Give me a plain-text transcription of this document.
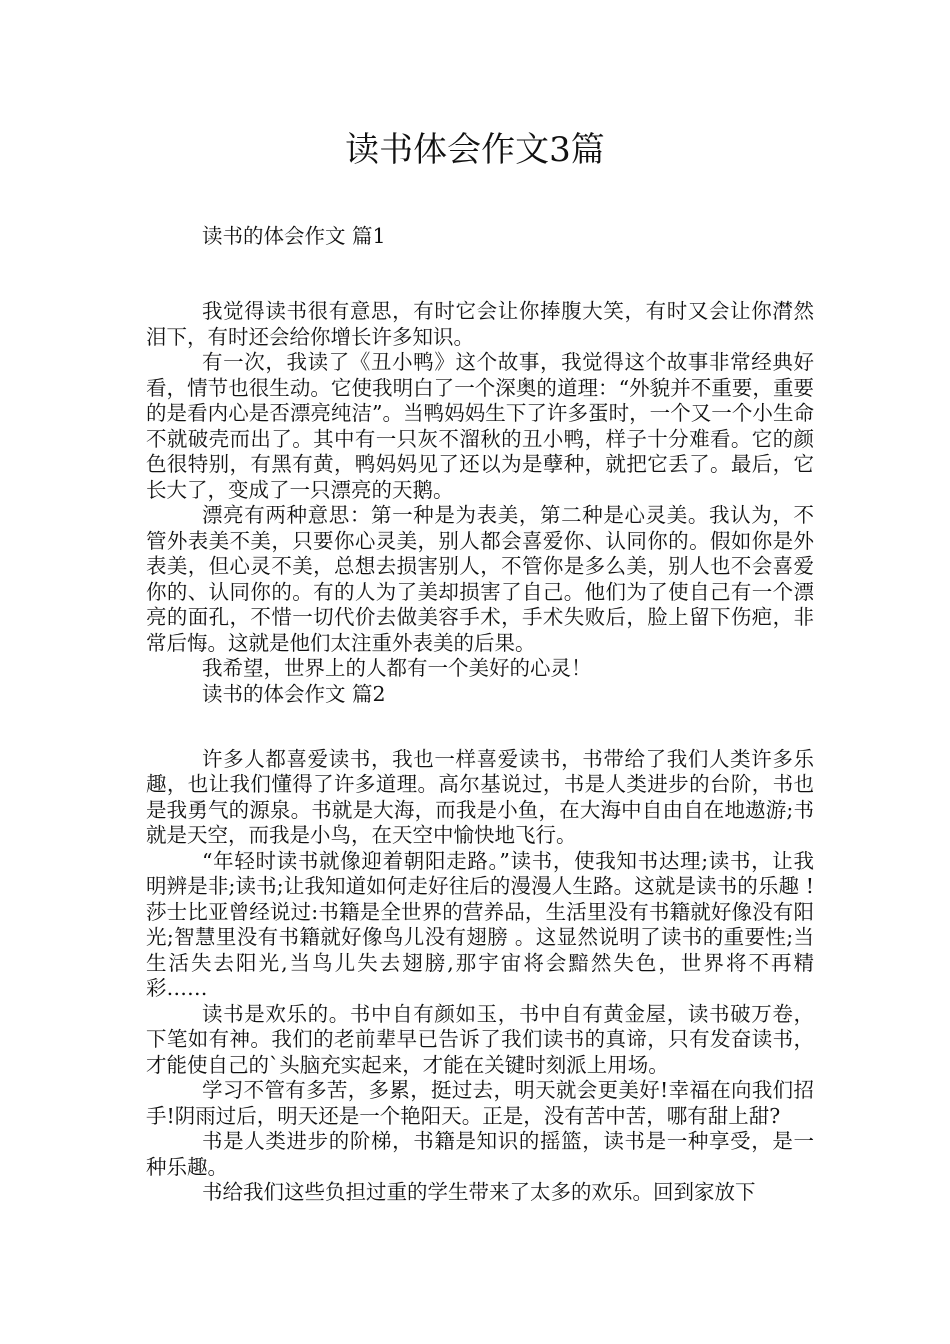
读书体会作文3篇
读书的体会作文 篇1

我觉得读书很有意思，有时它会让你捧腹大笑，有时又会让你潸然泪下，有时还会给你增长许多知识。

有一次，我读了《丑小鸭》这个故事，我觉得这个故事非常经典好看，情节也很生动。它使我明白了一个深奥的道理：“外貌并不重要，重要的是看内心是否漂亮纯洁”。当鸭妈妈生下了许多蛋时，一个又一个小生命不就破壳而出了。其中有一只灰不溜秋的丑小鸭，样子十分难看。它的颜色很特别，有黑有黄，鸭妈妈见了还以为是孽种，就把它丢了。最后，它长大了，变成了一只漂亮的天鹅。

漂亮有两种意思：第一种是为表美，第二种是心灵美。我认为，不管外表美不美，只要你心灵美，别人都会喜爱你、认同你的。假如你是外表美，但心灵不美，总想去损害别人，不管你是多么美，别人也不会喜爱你的、认同你的。有的人为了美却损害了自己。他们为了使自己有一个漂亮的面孔，不惜一切代价去做美容手术，手术失败后，脸上留下伤疤，非常后悔。这就是他们太注重外表美的后果。

我希望，世界上的人都有一个美好的心灵！

读书的体会作文 篇2

许多人都喜爱读书，我也一样喜爱读书，书带给了我们人类许多乐趣，也让我们懂得了许多道理。高尔基说过，书是人类进步的台阶，书也是我勇气的源泉。书就是大海，而我是小鱼，在大海中自由自在地遨游;书就是天空，而我是小鸟，在天空中愉快地飞行。

“年轻时读书就像迎着朝阳走路。”读书，使我知书达理;读书，让我明辨是非;读书;让我知道如何走好往后的漫漫人生路。这就是读书的乐趣 !莎士比亚曾经说过:书籍是全世界的营养品，生活里没有书籍就好像没有阳光;智慧里没有书籍就好像鸟儿没有翅膀 。这显然说明了读书的重要性;当生活失去阳光,当鸟儿失去翅膀,那宇宙将会黯然失色，世界将不再精彩……

读书是欢乐的。书中自有颜如玉，书中自有黄金屋，读书破万卷，下笔如有神。我们的老前辈早已告诉了我们读书的真谛，只有发奋读书，才能使自己的`头脑充实起来，才能在关键时刻派上用场。

学习不管有多苦，多累，挺过去，明天就会更美好!幸福在向我们招手!阴雨过后，明天还是一个艳阳天。正是，没有苦中苦，哪有甜上甜?

书是人类进步的阶梯，书籍是知识的摇篮，读书是一种享受，是一种乐趣。

书给我们这些负担过重的学生带来了太多的欢乐。回到家放下
